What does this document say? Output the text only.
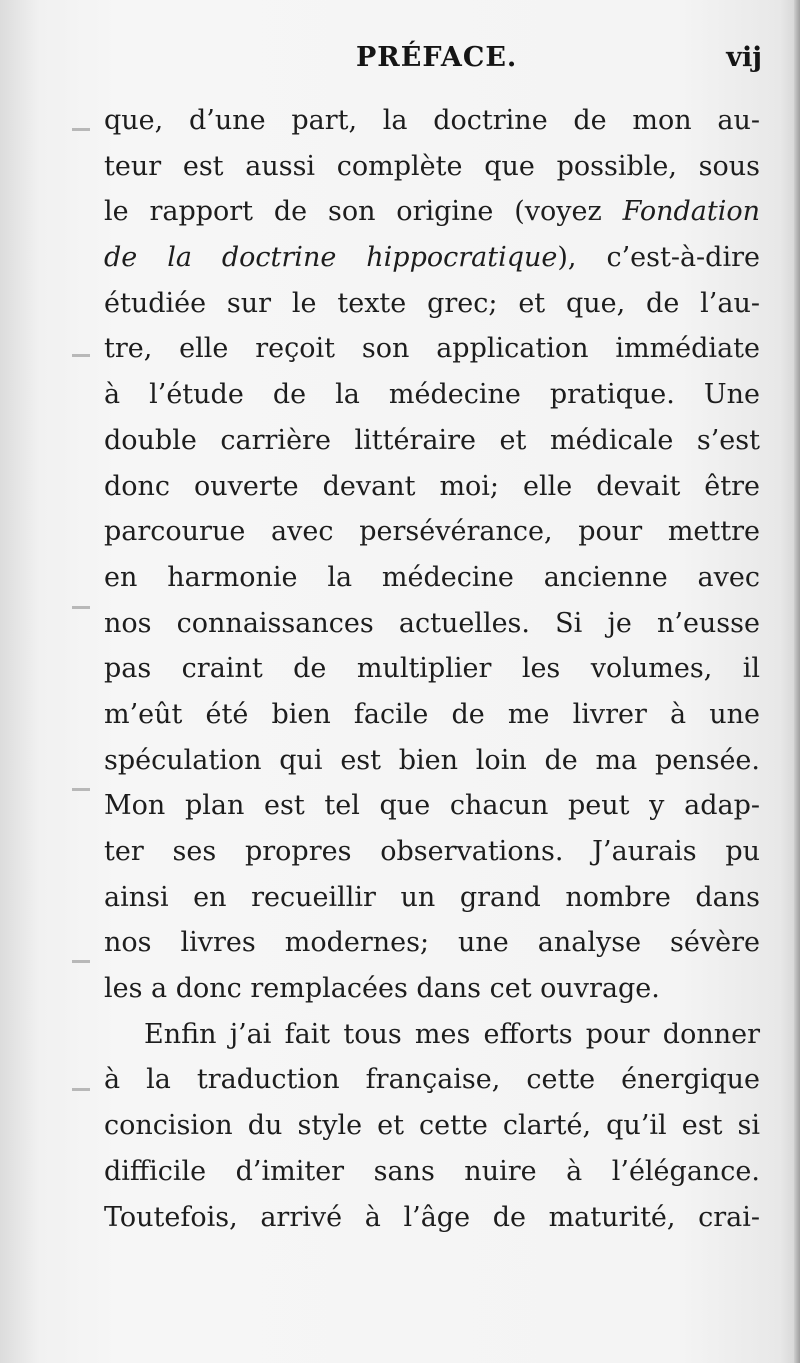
PRÉFACE.	vij
que, d’une part, la doctrine de mon au-
teur est aussi complète que possible, sous
le rapport de son origine (voyez Fondation
de la doctrine hippocratique), c’est-à-dire
étudiée sur le texte grec; et que, de l’au-
tre, elle reçoit son application immédiate
à l’étude de la médecine pratique. Une
double carrière littéraire et médicale s’est
donc ouverte devant moi; elle devait être
parcourue avec persévérance, pour mettre
en harmonie la médecine ancienne avec
nos connaissances actuelles. Si je n’eusse
pas craint de multiplier les volumes, il
m’eût été bien facile de me livrer à une
spéculation qui est bien loin de ma pensée.
Mon plan est tel que chacun peut y adap-
ter ses propres observations. J’aurais pu
ainsi en recueillir un grand nombre dans
nos livres modernes; une analyse sévère
les a donc remplacées dans cet ouvrage.
Enfin j’ai fait tous mes efforts pour donner
à la traduction française, cette énergique
concision du style et cette clarté, qu’il est si
difficile d’imiter sans nuire à l’élégance.
Toutefois, arrivé à l’âge de maturité, crai-
